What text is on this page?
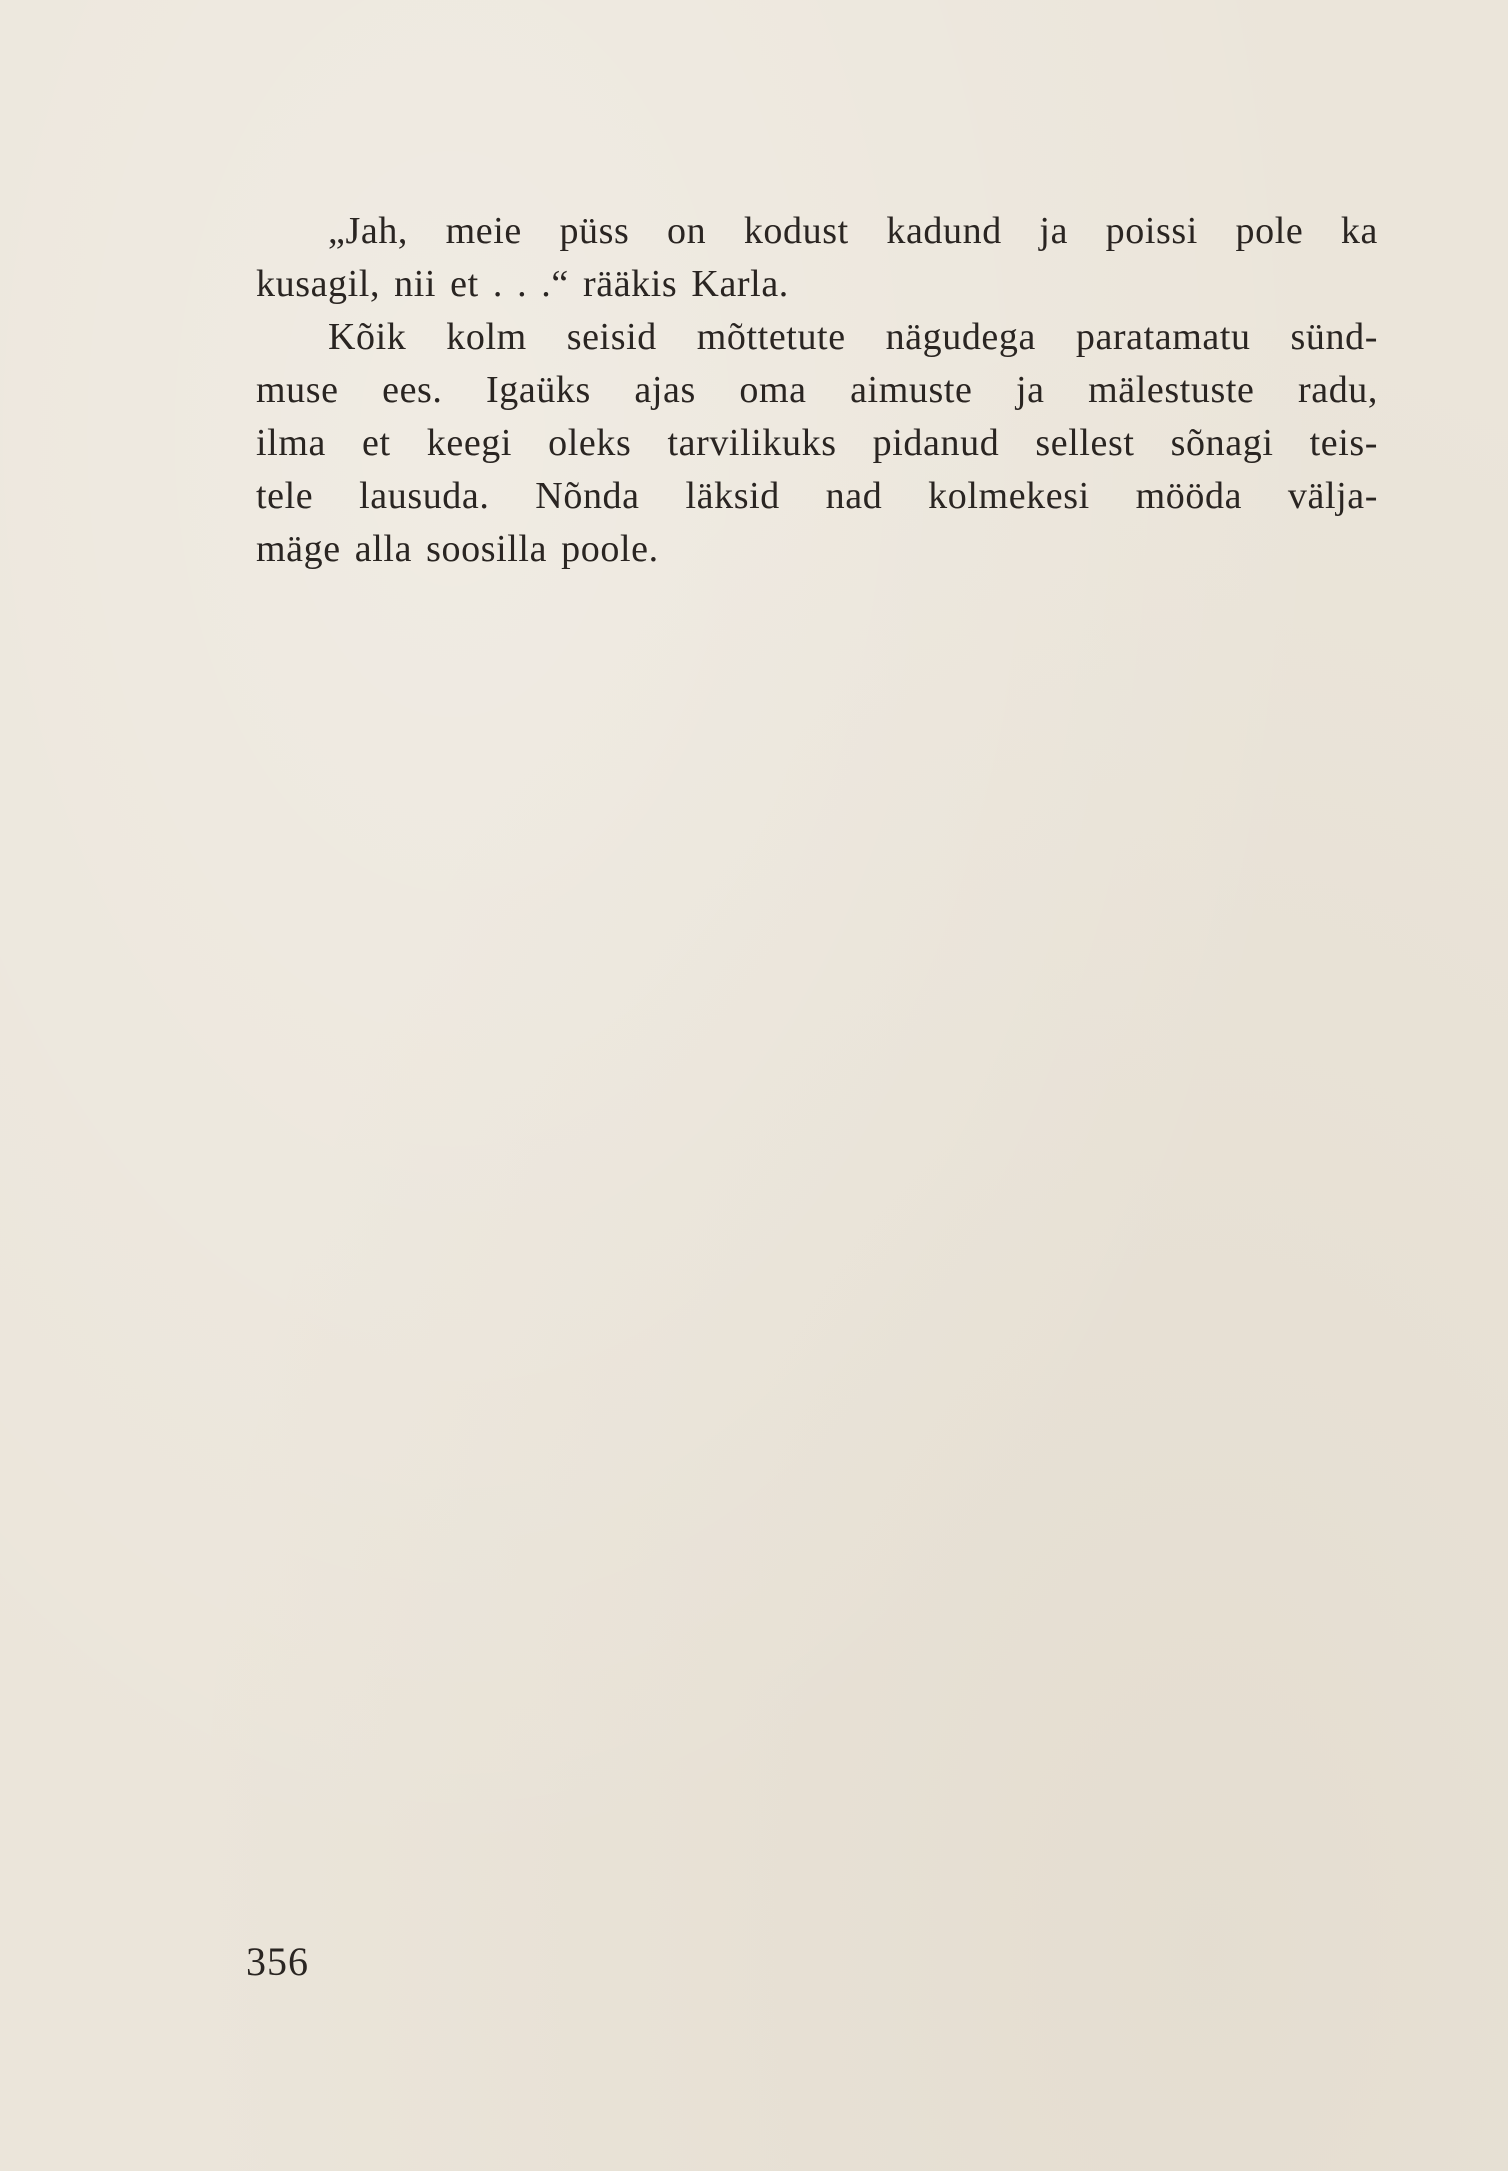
„Jah, meie püss on kodust kadund ja poissi pole ka
kusagil, nii et . . .“ rääkis Karla.
Kõik kolm seisid mõttetute nägudega paratamatu sünd-
muse ees. Igaüks ajas oma aimuste ja mälestuste radu,
ilma et keegi oleks tarvilikuks pidanud sellest sõnagi teis-
tele lausuda. Nõnda läksid nad kolmekesi mööda välja-
mäge alla soosilla poole.
356
